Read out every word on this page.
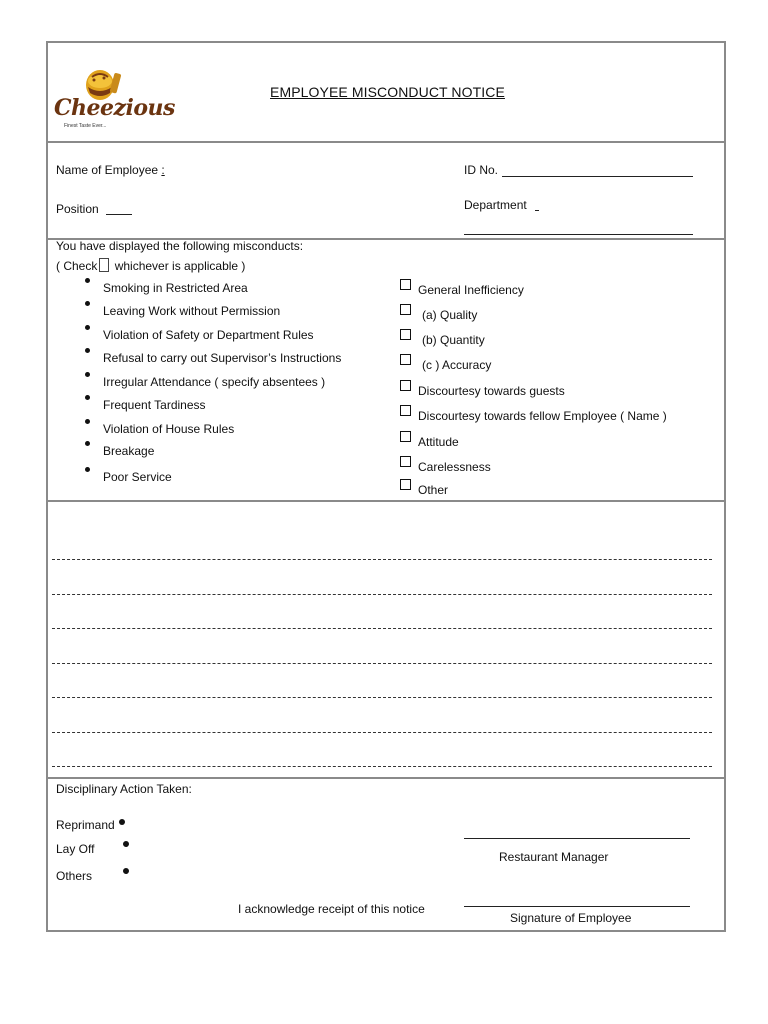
Cheezious
Finest Taste Ever...
EMPLOYEE MISCONDUCT NOTICE
Name of Employee :	ID No.
Position	Department
You have displayed the following misconducts:
( Check whichever is applicable )
Smoking in Restricted Area
Leaving Work without Permission
Violation of Safety or Department Rules
Refusal to carry out Supervisor’s Instructions
Irregular Attendance ( specify absentees )
Frequent Tardiness
Violation of House Rules
Breakage
Poor Service
General Inefficiency
(a) Quality
(b) Quantity
(c ) Accuracy
Discourtesy towards guests
Discourtesy towards fellow Employee ( Name )
Attitude
Carelessness
Other
Disciplinary Action Taken:
Reprimand
Lay Off
Others
Restaurant Manager
I acknowledge receipt of this notice
Signature of Employee
